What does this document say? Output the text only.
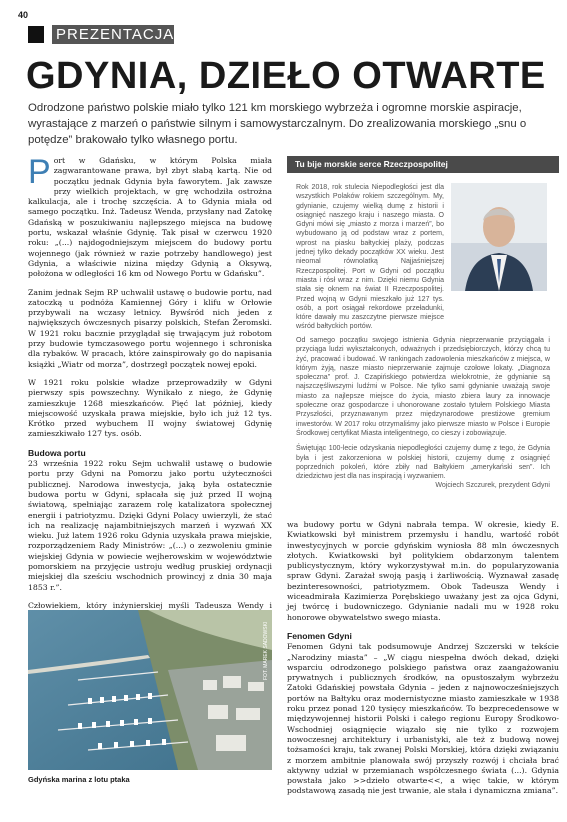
40
PREZENTACJA
GDYNIA, DZIEŁO OTWARTE
Odrodzone państwo polskie miało tylko 121 km morskiego wybrzeża i ogromne morskie aspiracje, wyrastające z marzeń o państwie silnym i samowystarczalnym. Do zrealizowania morskiego „snu o potędze” brakowało tylko własnego portu.

Port w Gdańsku, w którym Polska miała zagwarantowane prawa, był zbyt słabą kartą. Nie od początku jednak Gdynia była faworytem. Jak zawsze przy wielkich projektach, w grę wchodziła ostrożna kalkulacja, ale i trochę szczęścia. A to Gdynia miała od samego początku. Inż. Tadeusz Wenda, przysłany nad Zatokę Gdańską w poszukiwaniu najlepszego miejsca na budowę portu, wskazał właśnie Gdynię. Tak pisał w czerwcu 1920 roku: „(...) najdogodniejszym miejscem do budowy portu wojennego (jak również w razie potrzeby handlowego) jest Gdynia, a właściwie nizina między Gdynią a Oksywą, położona w odległości 16 km od Nowego Portu w Gdańsku”.

Zanim jednak Sejm RP uchwalił ustawę o budowie portu, nad zatoczką u podnóża Kamiennej Góry i klifu w Orłowie przybywali na wczasy letnicy. Bywśród nich jeden z największych ówczesnych pisarzy polskich, Stefan Żeromski. W 1921 roku bacznie przyglądał się trwającym już robotom przy budowie tymczasowego portu wojennego i schroniska dla rybaków. W pracach, które zainspirowały go do napisania książki „Wiatr od morza”, dostrzegł początek nowej epoki.

W 1921 roku polskie władze przeprowadziły w Gdyni pierwszy spis powszechny. Wynikało z niego, że Gdynię zamieszkuje 1268 mieszkańców. Pięć lat później, kiedy miejscowość uzyskała prawa miejskie, było ich już 12 tys. Krótko przed wybuchem II wojny światowej Gdynię zamieszkiwało 127 tys. osób.

Budowa portu

23 września 1922 roku Sejm uchwalił ustawę o budowie portu przy Gdyni na Pomorzu jako portu użyteczności publicznej. Narodowa inwestycja, jaką była ostatecznie budowa portu w Gdyni, spłacała się już przed II wojną światową, spełniając zarazem rolę katalizatora społecznej energii i patriotyzmu. Dzięki Gdyni Polacy uwierzyli, że stać ich na realizację najambitniejszych marzeń i wyzwań XX wieku. Już latem 1926 roku Gdynia uzyskała prawa miejskie, rozporządzeniem Rady Ministrów: „(...) o zezwoleniu gminie wiejskiej Gdynia w powiecie wejherowskim w województwie pomorskiem na przyjęcie ustroju według pruskiej ordynacji miejskiej dla sześciu wschodnich prowincyj z dnia 30 maja 1853 r.”.

Człowiekiem, który inżynierskiej myśli Tadeusza Wendy i

Tu bije morskie serce Rzeczpospolitej

Rok 2018, rok stulecia Niepodległości jest dla wszystkich Polaków rokiem szczególnym. My, gdynianie, czujemy wielką dumę z historii i osiągnięć naszego kraju i naszego miasta. O Gdyni mówi się „miasto z morza i marzeń”, bo wybudowano ją od podstaw wraz z portem, wprost na piasku bałtyckiej plaży, podczas jednej tylko dekady początków XX wieku. Jest nieomal równolatką Najjaśniejszej Rzeczpospolitej. Port w Gdyni od początku miasta i rósł wraz z nim. Dzięki niemu Gdynia stała się oknem na świat II Rzeczpospolitej. Przed wojną w Gdyni mieszkało już 127 tys. osób, a port osiągał rekordowe przeładunki, które dawały mu zaszczytne pierwsze miejsce wśród bałtyckich portów.

Od samego początku swojego istnienia Gdynia nieprzerwanie przyciągała i przyciąga ludzi wykształconych, odważnych i przedsiębiorczych, którzy chcą tu żyć, pracować i budować. W rankingach zadowolenia mieszkańców z miejsca, w którym żyją, nasze miasto nieprzerwanie zajmuje czołowe lokaty. „Diagnoza społeczna” prof. J. Czapińskiego potwierdza wielokrotnie, że gdynianie są najszczęśliwszymi ludźmi w Polsce. Nie tylko sami gdynianie uważają swoje miasto za najlepsze miejsce do życia, miasto zbiera laury za innowacje społeczne oraz gospodarcze i uhonorowane zostało tytułem Polskiego Miasta Przyszłości, przyznawanym przez międzynarodowe prestiżowe gremium inwestorów. W 2017 roku otrzymaliśmy jako pierwsze miasto w Polsce i Europie Środkowej certyfikat Miasta inteligentnego, co cieszy i zobowiązuje.

Świętując 100-lecie odzyskania niepodległości czujemy dumę z tego, że Gdynia była i jest zakorzeniona w polskiej historii, czujemy dumę z osiągnięć poprzednich pokoleń, które zbiły nad Bałtykiem „amerykański sen”. Ich dziedzictwo jest dla nas inspiracją i wyzwaniem.

Wojciech Szczurek, prezydent Gdyni

wa budowy portu w Gdyni nabrała tempa. W okresie, kiedy E. Kwiatkowski był ministrem przemysłu i handlu, wartość robót inwestycyjnych w porcie gdyńskim wyniosła 88 mln ówczesnych złotych. Kwiatkowski był politykiem obdarzonym talentem publicystycznym, który wykorzystywał m.in. do popularyzowania spraw Gdyni. Zarażał swoją pasją i żarliwością. Wyznawał zasadę bezinteresowności, patriotyzmem. Obok Tadeusza Wendy i wiceadmirała Kazimierza Porębskiego uważany jest za ojca Gdyni, jej twórcę i budowniczego. Gdynianie nadali mu w 1928 roku honorowe obywatelstwo swego miasta.

Fenomen Gdyni

Fenomen Gdyni tak podsumowuje Andrzej Szczerski w tekście „Narodziny miasta” – „W ciągu niespełna dwóch dekad, dzięki wsparciu odrodzonego polskiego państwa oraz zaangażowaniu prywatnych i publicznych środków, na opustoszałym wybrzeżu Zatoki Gdańskiej powstała Gdynia – jeden z najnowocześniejszych portów na Bałtyku oraz modernistyczne miasto zamieszkałe w 1938 roku przez ponad 120 tysięcy mieszkańców. To bezprecedensowe w międzywojennej historii Polski i całego regionu Europy Środkowo-Wschodniej osiągnięcie wiązało się nie tylko z rozwojem nowoczesnej architektury i urbanistyki, ale też z budową nowej tożsamości kraju, tak zwanej Polski Morskiej, która dzięki związaniu z morzem ambitnie planowała swój przyszły rozwój i chciała brać aktywny udział w przemianach współczesnego świata (...). Gdynia powstała jako >>dzieło otwarte<<, a więc takie, w którym podstawową zasadą nie jest trwanie, ale stała i dynamiczna zmiana”.

FOT. MAREK SADOWSKI
Gdyńska marina z lotu ptaka
